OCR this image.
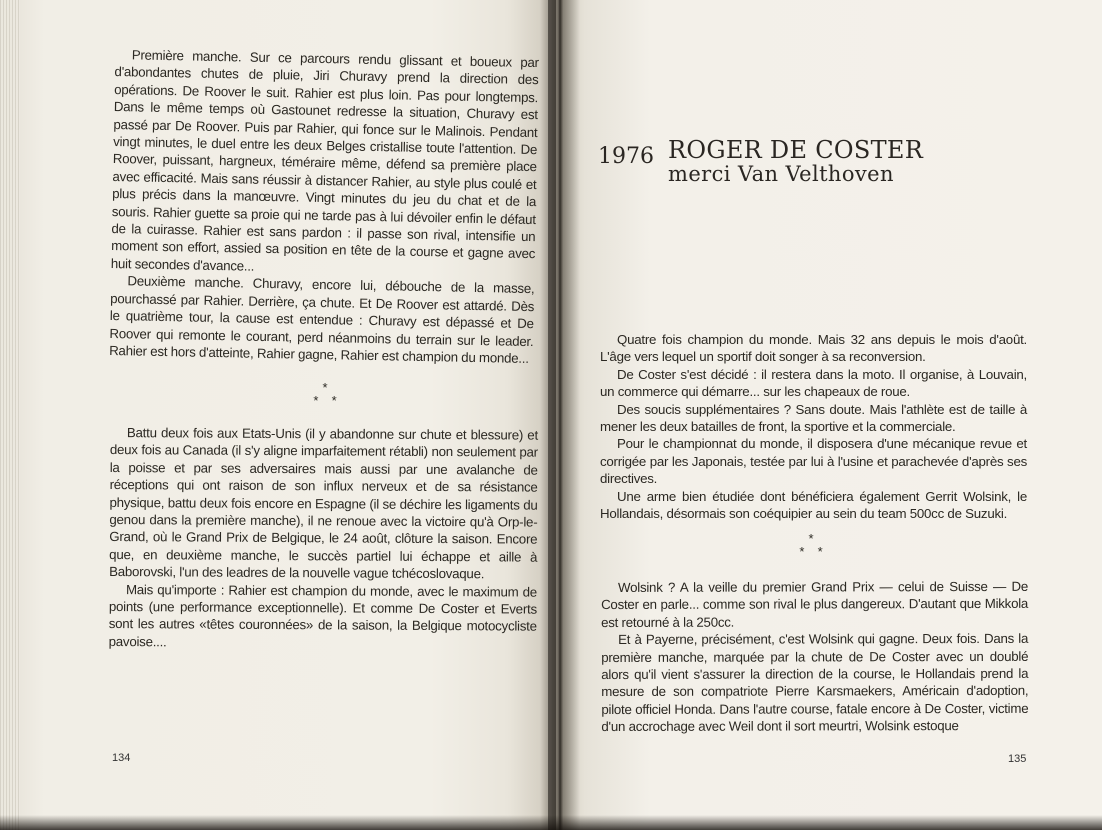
Première manche. Sur ce parcours rendu glissant et boueux par d'abondantes chutes de pluie, Jiri Churavy prend la direction des opérations. De Roover le suit. Rahier est plus loin. Pas pour longtemps. Dans le même temps où Gastounet redresse la situation, Churavy est passé par De Roover. Puis par Rahier, qui fonce sur le Malinois. Pendant vingt minutes, le duel entre les deux Belges cristallise toute l'attention. De Roover, puissant, hargneux, téméraire même, défend sa première place avec efficacité. Mais sans réussir à distancer Rahier, au style plus coulé et plus précis dans la manœuvre. Vingt minutes du jeu du chat et de la souris. Rahier guette sa proie qui ne tarde pas à lui dévoiler enfin le défaut de la cuirasse. Rahier est sans pardon : il passe son rival, intensifie un moment son effort, assied sa position en tête de la course et gagne avec huit secondes d'avance...

Deuxième manche. Churavy, encore lui, débouche de la masse, pourchassé par Rahier. Derrière, ça chute. Et De Roover est attardé. Dès le quatrième tour, la cause est entendue : Churavy est dépassé et De Roover qui remonte le courant, perd néanmoins du terrain sur le leader. Rahier est hors d'atteinte, Rahier gagne, Rahier est champion du monde...

*
*  *

Battu deux fois aux Etats-Unis (il y abandonne sur chute et blessure) et deux fois au Canada (il s'y aligne imparfaitement rétabli) non seulement par la poisse et par ses adversaires mais aussi par une avalanche de réceptions qui ont raison de son influx nerveux et de sa résistance physique, battu deux fois encore en Espagne (il se déchire les ligaments du genou dans la première manche), il ne renoue avec la victoire qu'à Orp-le-Grand, où le Grand Prix de Belgique, le 24 août, clôture la saison. Encore que, en deuxième manche, le succès partiel lui échappe et aille à Baborovski, l'un des leadres de la nouvelle vague tchécoslovaque.

Mais qu'importe : Rahier est champion du monde, avec le maximum de points (une performance exceptionnelle). Et comme De Coster et Everts sont les autres «têtes couronnées» de la saison, la Belgique motocycliste pavoise....

134
1976 ROGER DE COSTER
merci Van Velthoven

Quatre fois champion du monde. Mais 32 ans depuis le mois d'août. L'âge vers lequel un sportif doit songer à sa reconversion.

De Coster s'est décidé : il restera dans la moto. Il organise, à Louvain, un commerce qui démarre... sur les chapeaux de roue.

Des soucis supplémentaires ? Sans doute. Mais l'athlète est de taille à mener les deux batailles de front, la sportive et la commerciale.

Pour le championnat du monde, il disposera d'une mécanique revue et corrigée par les Japonais, testée par lui à l'usine et parachevée d'après ses directives.

Une arme bien étudiée dont bénéficiera également Gerrit Wolsink, le Hollandais, désormais son coéquipier au sein du team 500cc de Suzuki.

*
*  *

Wolsink ? A la veille du premier Grand Prix — celui de Suisse — De Coster en parle... comme son rival le plus dangereux. D'autant que Mikkola est retourné à la 250cc.

Et à Payerne, précisément, c'est Wolsink qui gagne. Deux fois. Dans la première manche, marquée par la chute de De Coster avec un doublé alors qu'il vient s'assurer la direction de la course, le Hollandais prend la mesure de son compatriote Pierre Karsmaekers, Américain d'adoption, pilote officiel Honda. Dans l'autre course, fatale encore à De Coster, victime d'un accrochage avec Weil dont il sort meurtri, Wolsink estoque

135
